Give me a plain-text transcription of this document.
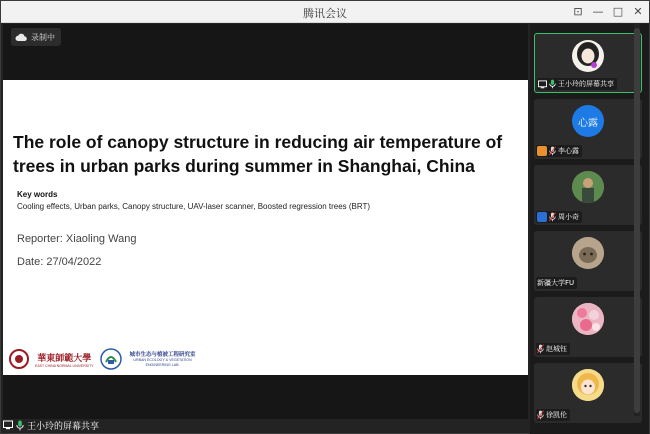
腾讯会议	⊡ — □ ✕
录制中
The role of canopy structure in reducing air temperature of trees in urban parks during summer in Shanghai, China
Key words
Cooling effects, Urban parks, Canopy structure, UAV-laser scanner, Boosted regression trees (BRT)
Reporter: Xiaoling Wang
Date: 27/04/2022
華東師範大學
EAST CHINA NORMAL UNIVERSITY
城市生态与植被工程研究室
URBAN ECOLOGY & VEGETATION ENGINEERING LAB.
王小玲的屏幕共享
王小玲的屏幕共享
心露
李心露
周小奇
新疆大学FU
赵城钰
徐凯伦
